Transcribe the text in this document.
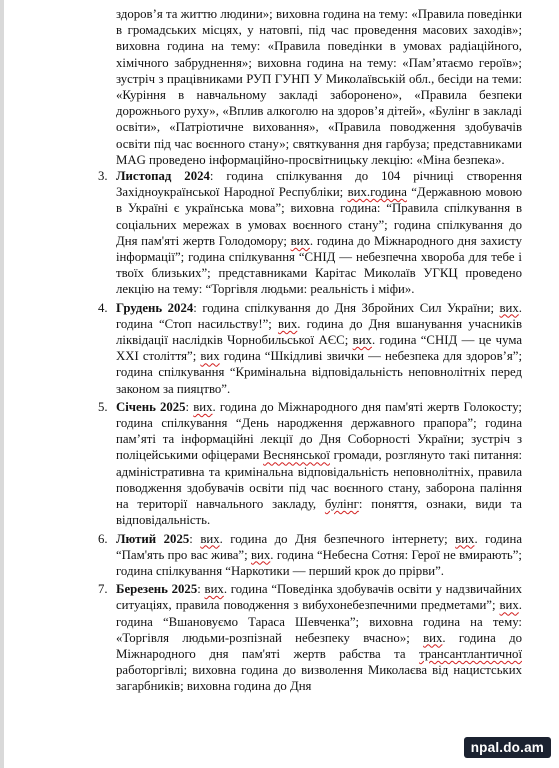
здоров’я та життю людини»; виховна година на тему: «Правила поведінки в громадських місцях, у натовпі, під час проведення масових заходів»; виховна година на тему: «Правила поведінки в умовах радіаційного, хімічного забруднення»; виховна година на тему: «Пам’ятаємо героїв»; зустріч з працівниками РУП ГУНП У Миколаївській обл., бесіди на теми: «Куріння в навчальному закладі заборонено», «Правила безпеки дорожнього руху», «Вплив алкоголю на здоров’я дітей», «Булінг в закладі освіти», «Патріотичне виховання», «Правила поводження здобувачів освіти під час воєнного стану»; святкування дня гарбуза; представниками MAG проведено інформаційно-просвітницьку лекцію: «Міна безпека».

3. Листопад 2024: година спілкування до 104 річниці створення Західноукраїнської Народної Республіки; вих.година “Державною мовою в Україні є українська мова”; виховна година: “Правила спілкування в соціальних мережах в умовах воєнного стану”; година спілкування до Дня пам'яті жертв Голодомору; вих. година до Міжнародного дня захисту інформації”; година спілкування “СНІД — небезпечна хвороба для тебе і твоїх близьких”; представниками Карітас Миколаїв УГКЦ проведено лекцію на тему: “Торгівля людьми: реальність і міфи».
4. Грудень 2024: година спілкування до Дня Збройних Сил України; вих. година “Стоп насильству!”; вих. година до Дня вшанування учасників ліквідації наслідків Чорнобильської АЄС; вих. година “СНІД — це чума XXI століття”; вих година “Шкідливі звички — небезпека для здоров’я”; година спілкування “Кримінальна відповідальність неповнолітніх перед законом за пияцтво”.
5. Січень 2025: вих. година до Міжнародного дня пам'яті жертв Голокосту; година спілкування “День народження державного прапора”; година пам’яті та інформаційні лекції до Дня Соборності України; зустріч з поліцейськими офіцерами Веснянської громади, розглянуто такі питання: адміністративна та кримінальна відповідальність неповнолітніх, правила поводження здобувачів освіти під час воєнного стану, заборона паління на території навчального закладу, булінг: поняття, ознаки, види та відповідальність.
6. Лютий 2025: вих. година до Дня безпечного інтернету; вих. година “Пам'ять про вас жива”; вих. година “Небесна Сотня: Герої не вмирають”; година спілкування “Наркотики — перший крок до прірви”.
7. Березень 2025: вих. година “Поведінка здобувачів освіти у надзвичайних ситуаціях, правила поводження з вибухонебезпечними предметами”; вих. година “Вшановуємо Тараса Шевченка”; виховна година на тему: «Торгівля людьми-розпізнай небезпеку вчасно»; вих. година до Міжнародного дня пам'яті жертв рабства та трансантлантичної работоргівлі; виховна година до визволення Миколаєва від нацистських загарбників; виховна година до Дня
npal.do.am
